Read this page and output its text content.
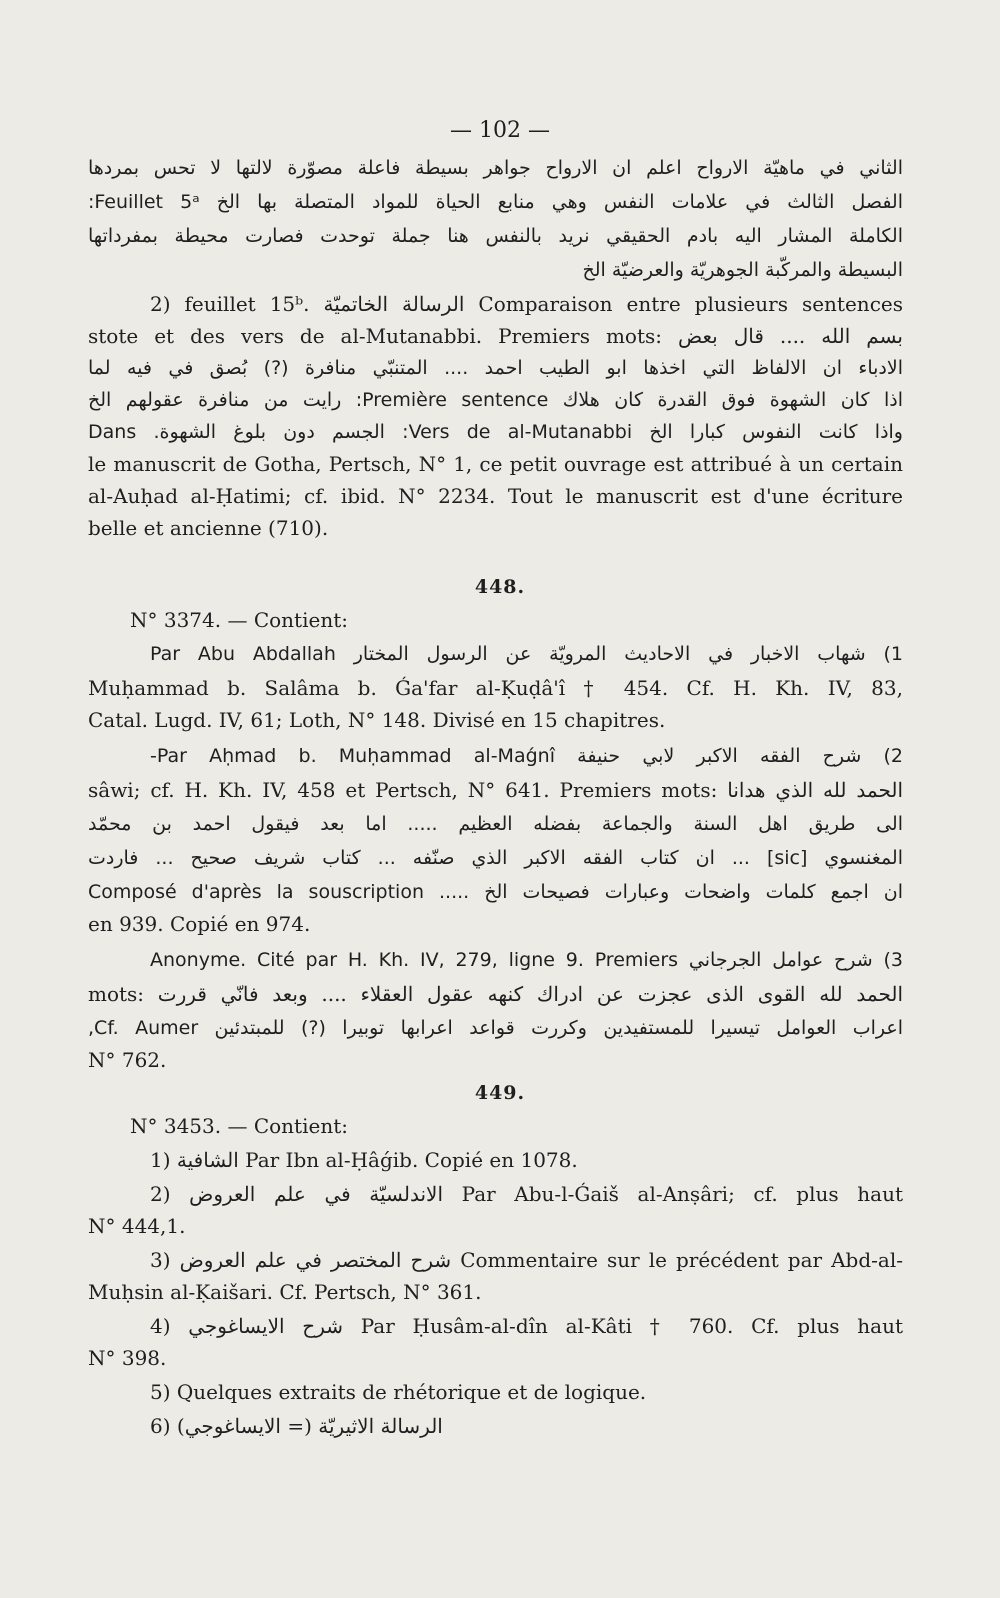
— 102 —
الثاني في ماهيّة الارواح اعلم ان الارواح جواهر بسيطة فاعلة مصوّرة لالتها لا تحس بمردها
الفصل الثالث في علامات النفس وهي منابع الحياة للمواد المتصلة بها الخ ‎Feuillet 5ᵃ:
الكاملة المشار اليه بادم الحقيقي نريد بالنفس هنا جملة توحدت فصارت محيطة بمفرداتها
البسيطة والمركّبة الجوهريّة والعرضيّة الخ
2) feuillet 15ᵇ. الرسالة الخاتميّة Comparaison entre plusieurs sentences
stote et des vers de al-Mutanabbi. Premiers mots: بسم الله .... قال بعض
الادباء ان الالفاظ التي اخذها ابو الطيب احمد .... المتنبّي منافرة (?) بُصق في فيه لما
اذا كان الشهوة فوق القدرة كان هلاك Première sentence: رايت من منافرة عقولهم الخ
واذا كانت النفوس كبارا الخ Vers de al-Mutanabbi: الجسم دون بلوغ الشهوة. Dans
le manuscrit de Gotha, Pertsch, N° 1, ce petit ouvrage est attribué à un certain
al-Auḥad al-Ḥatimi; cf. ibid. N° 2234. Tout le manuscrit est d'une écriture
belle et ancienne (710).
448.
N° 3374. — Contient:
1) شهاب الاخبار في الاحاديث المرويّة عن الرسول المختار Par Abu Abdallah
Muḥammad b. Salâma b. Ǵa'far al-Ḳuḍâ'î † 454. Cf. H. Kh. IV, 83,
Catal. Lugd. IV, 61; Loth, N° 148. Divisé en 15 chapitres.
2) شرح الفقه الاكبر لابي حنيفة Par Aḥmad b. Muḥammad al-Maǵnî-
sâwi; cf. H. Kh. IV, 458 et Pertsch, N° 641. Premiers mots: الحمد لله الذي هدانا
الى طريق اهل السنة والجماعة بفضله العظيم ..... اما بعد فيقول احمد بن محمّد
المغنسوي [sic] ... ان كتاب الفقه الاكبر الذي صنّفه ... كتاب شريف صحيح ... فاردت
ان اجمع كلمات واضحات وعبارات فصيحات الخ ..... Composé d'après la souscription
en 939. Copié en 974.
3) شرح عوامل الجرجاني Anonyme. Cité par H. Kh. IV, 279, ligne 9. Premiers
mots: الحمد لله القوى الذى عجزت عن ادراك كنهه عقول العقلاء .... وبعد فانّي قررت
اعراب العوامل تيسيرا للمستفيدين وكررت قواعد اعرابها توبيرا (?) للمبتدئين Cf. Aumer,
N° 762.
449.
N° 3453. — Contient:
1) الشافية Par Ibn al-Ḥâǵib. Copié en 1078.
2) الاندلسيّة في علم العروض Par Abu-l-Ǵaiš al-Anṣâri; cf. plus haut
N° 444,1.
3) شرح المختصر في علم العروض Commentaire sur le précédent par Abd-al-
Muḥsin al-Ḳaišari. Cf. Pertsch, N° 361.
4) شرح الايساغوجي Par Ḥusâm-al-dîn al-Kâti † 760. Cf. plus haut
N° 398.
5) Quelques extraits de rhétorique et de logique.
6) الرسالة الاثيريّة (= الايساغوجي)
